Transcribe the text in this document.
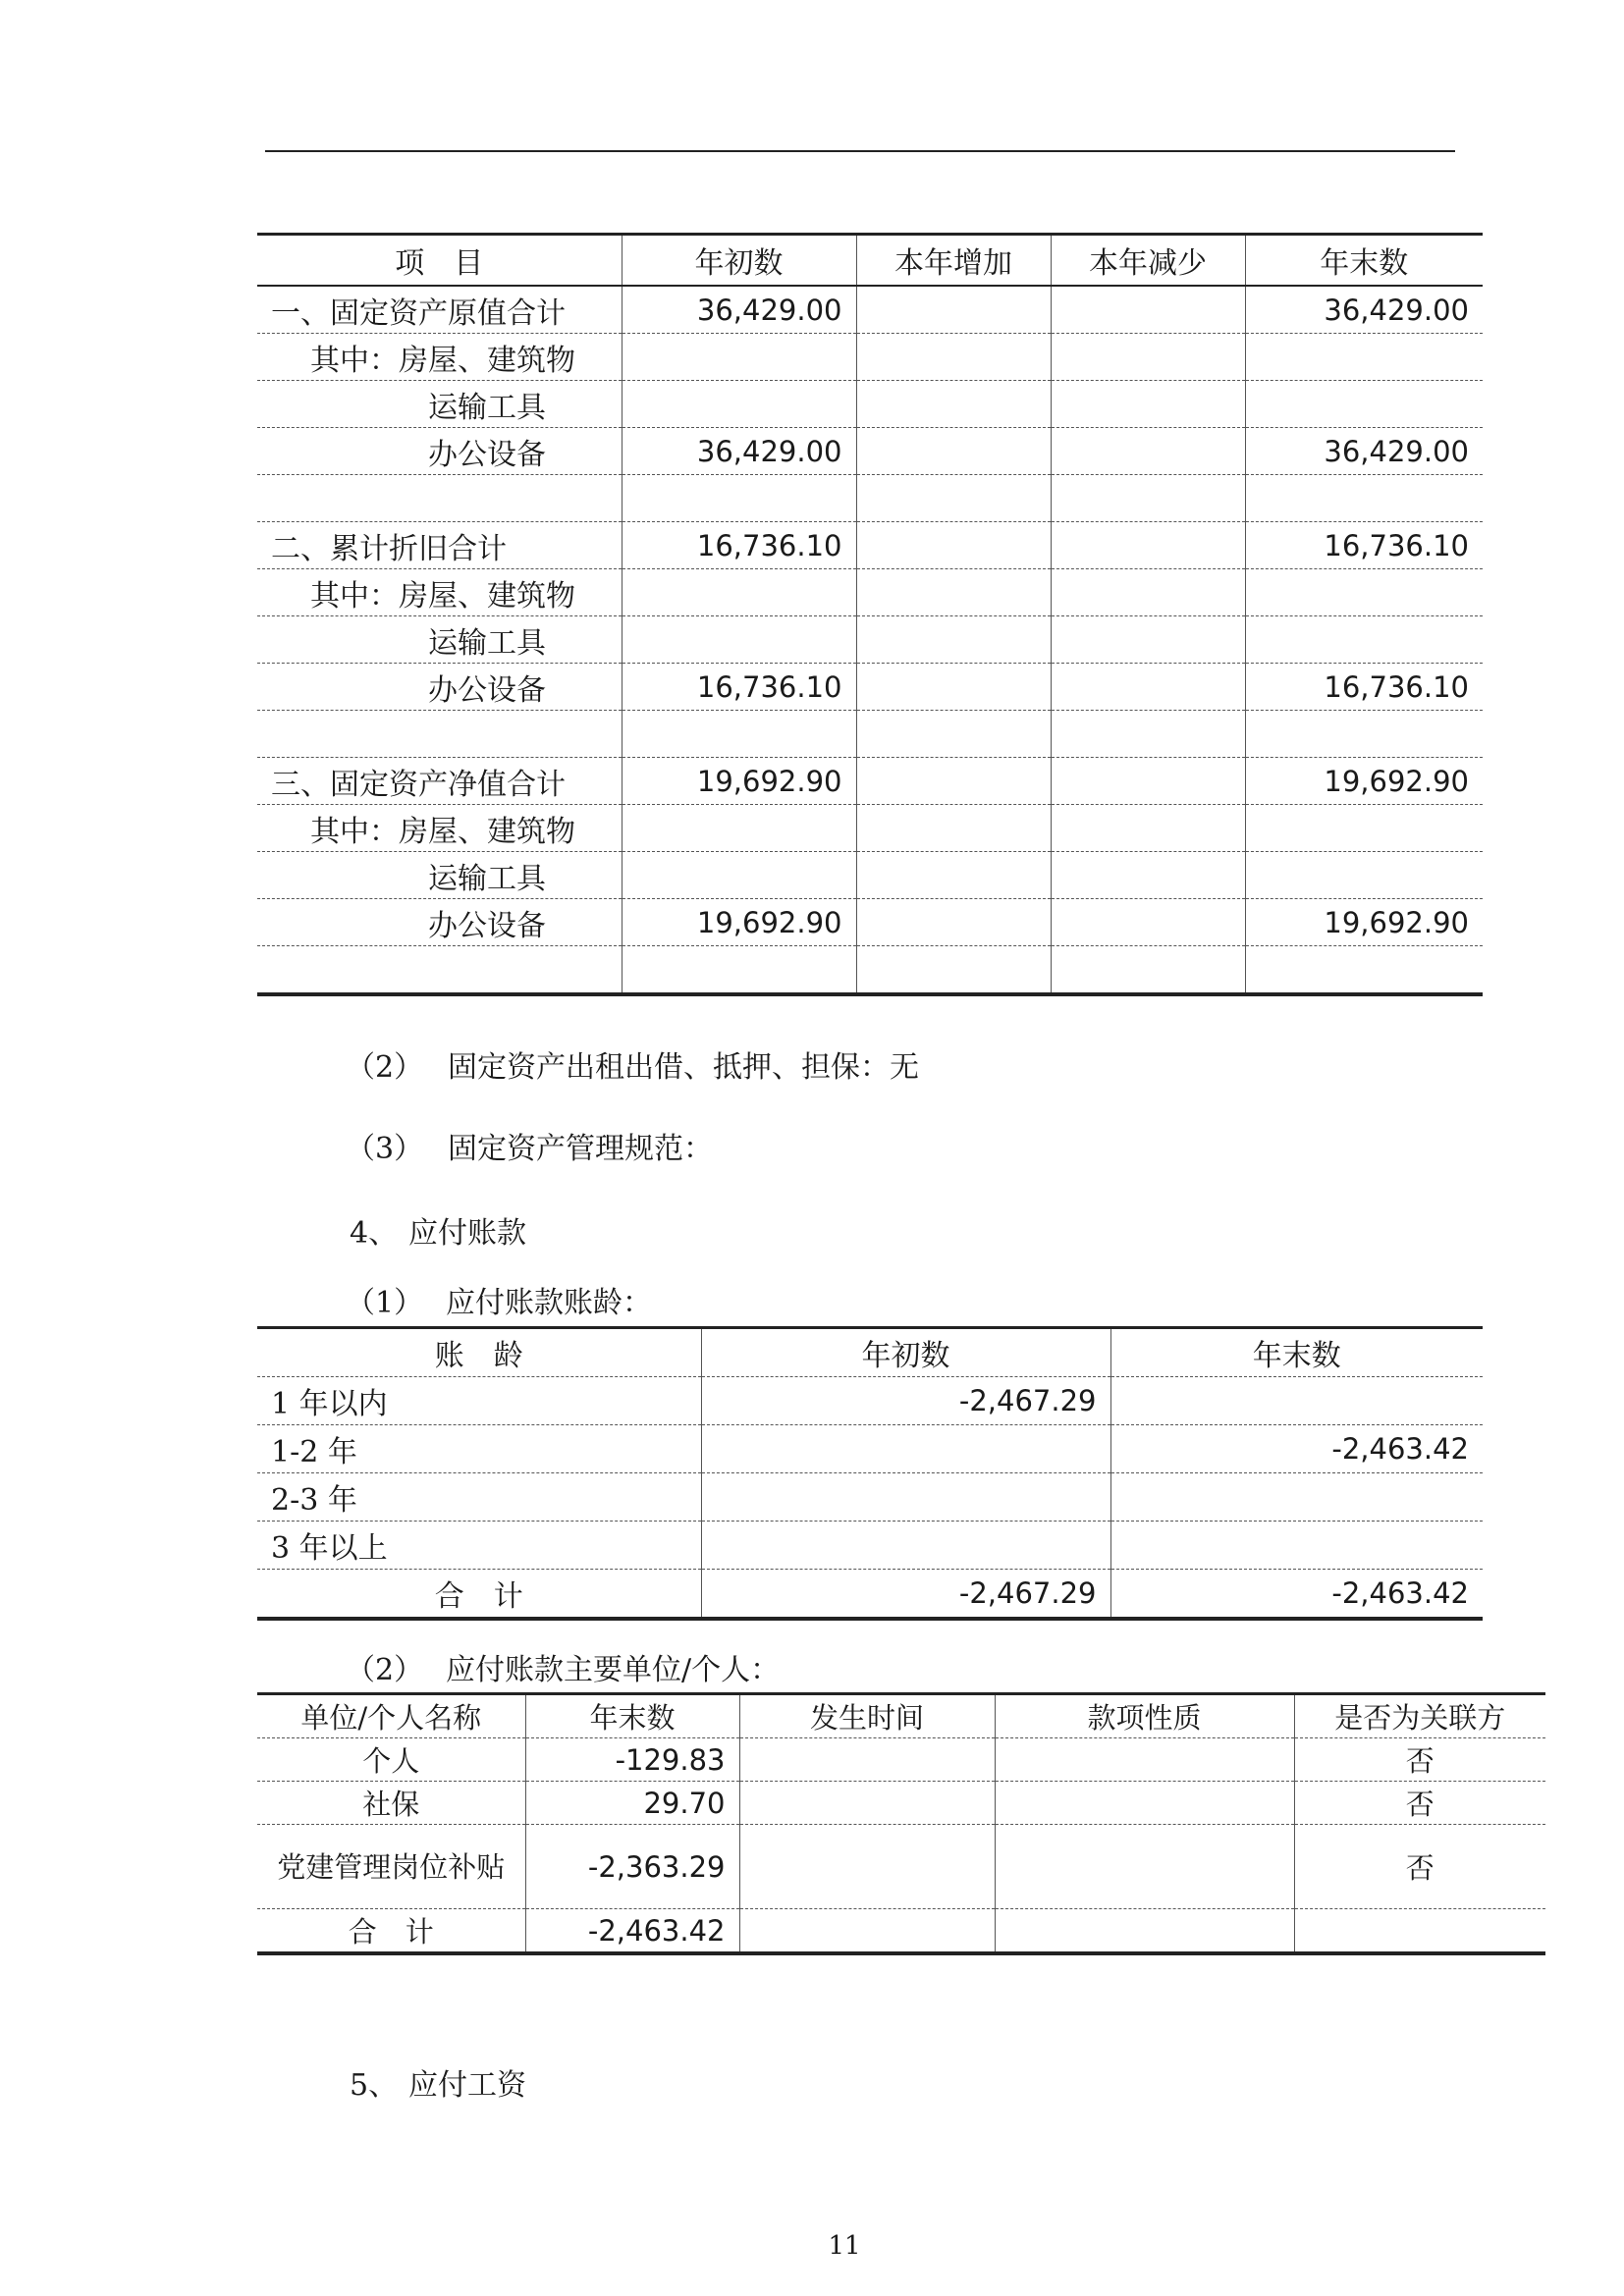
项　目	年初数	本年增加	本年减少	年末数
一、固定资产原值合计	36,429.00			36,429.00
其中：房屋、建筑物				
运输工具				
办公设备	36,429.00			36,429.00

二、累计折旧合计	16,736.10			16,736.10
其中：房屋、建筑物				
运输工具				
办公设备	16,736.10			16,736.10

三、固定资产净值合计	19,692.90			19,692.90
其中：房屋、建筑物				
运输工具				
办公设备	19,692.90			19,692.90

（2） 固定资产出租出借、抵押、担保：无
（3） 固定资产管理规范：
4、 应付账款
（1） 应付账款账龄：
账　龄	年初数	年末数
1 年以内	-2,467.29	
1-2 年		-2,463.42
2-3 年		
3 年以上		
合　计	-2,467.29	-2,463.42
（2） 应付账款主要单位/个人：
单位/个人名称	年末数	发生时间	款项性质	是否为关联方
个人	-129.83			否
社保	29.70			否
党建管理岗位补贴	-2,363.29			否
合　计	-2,463.42			
5、 应付工资
11
